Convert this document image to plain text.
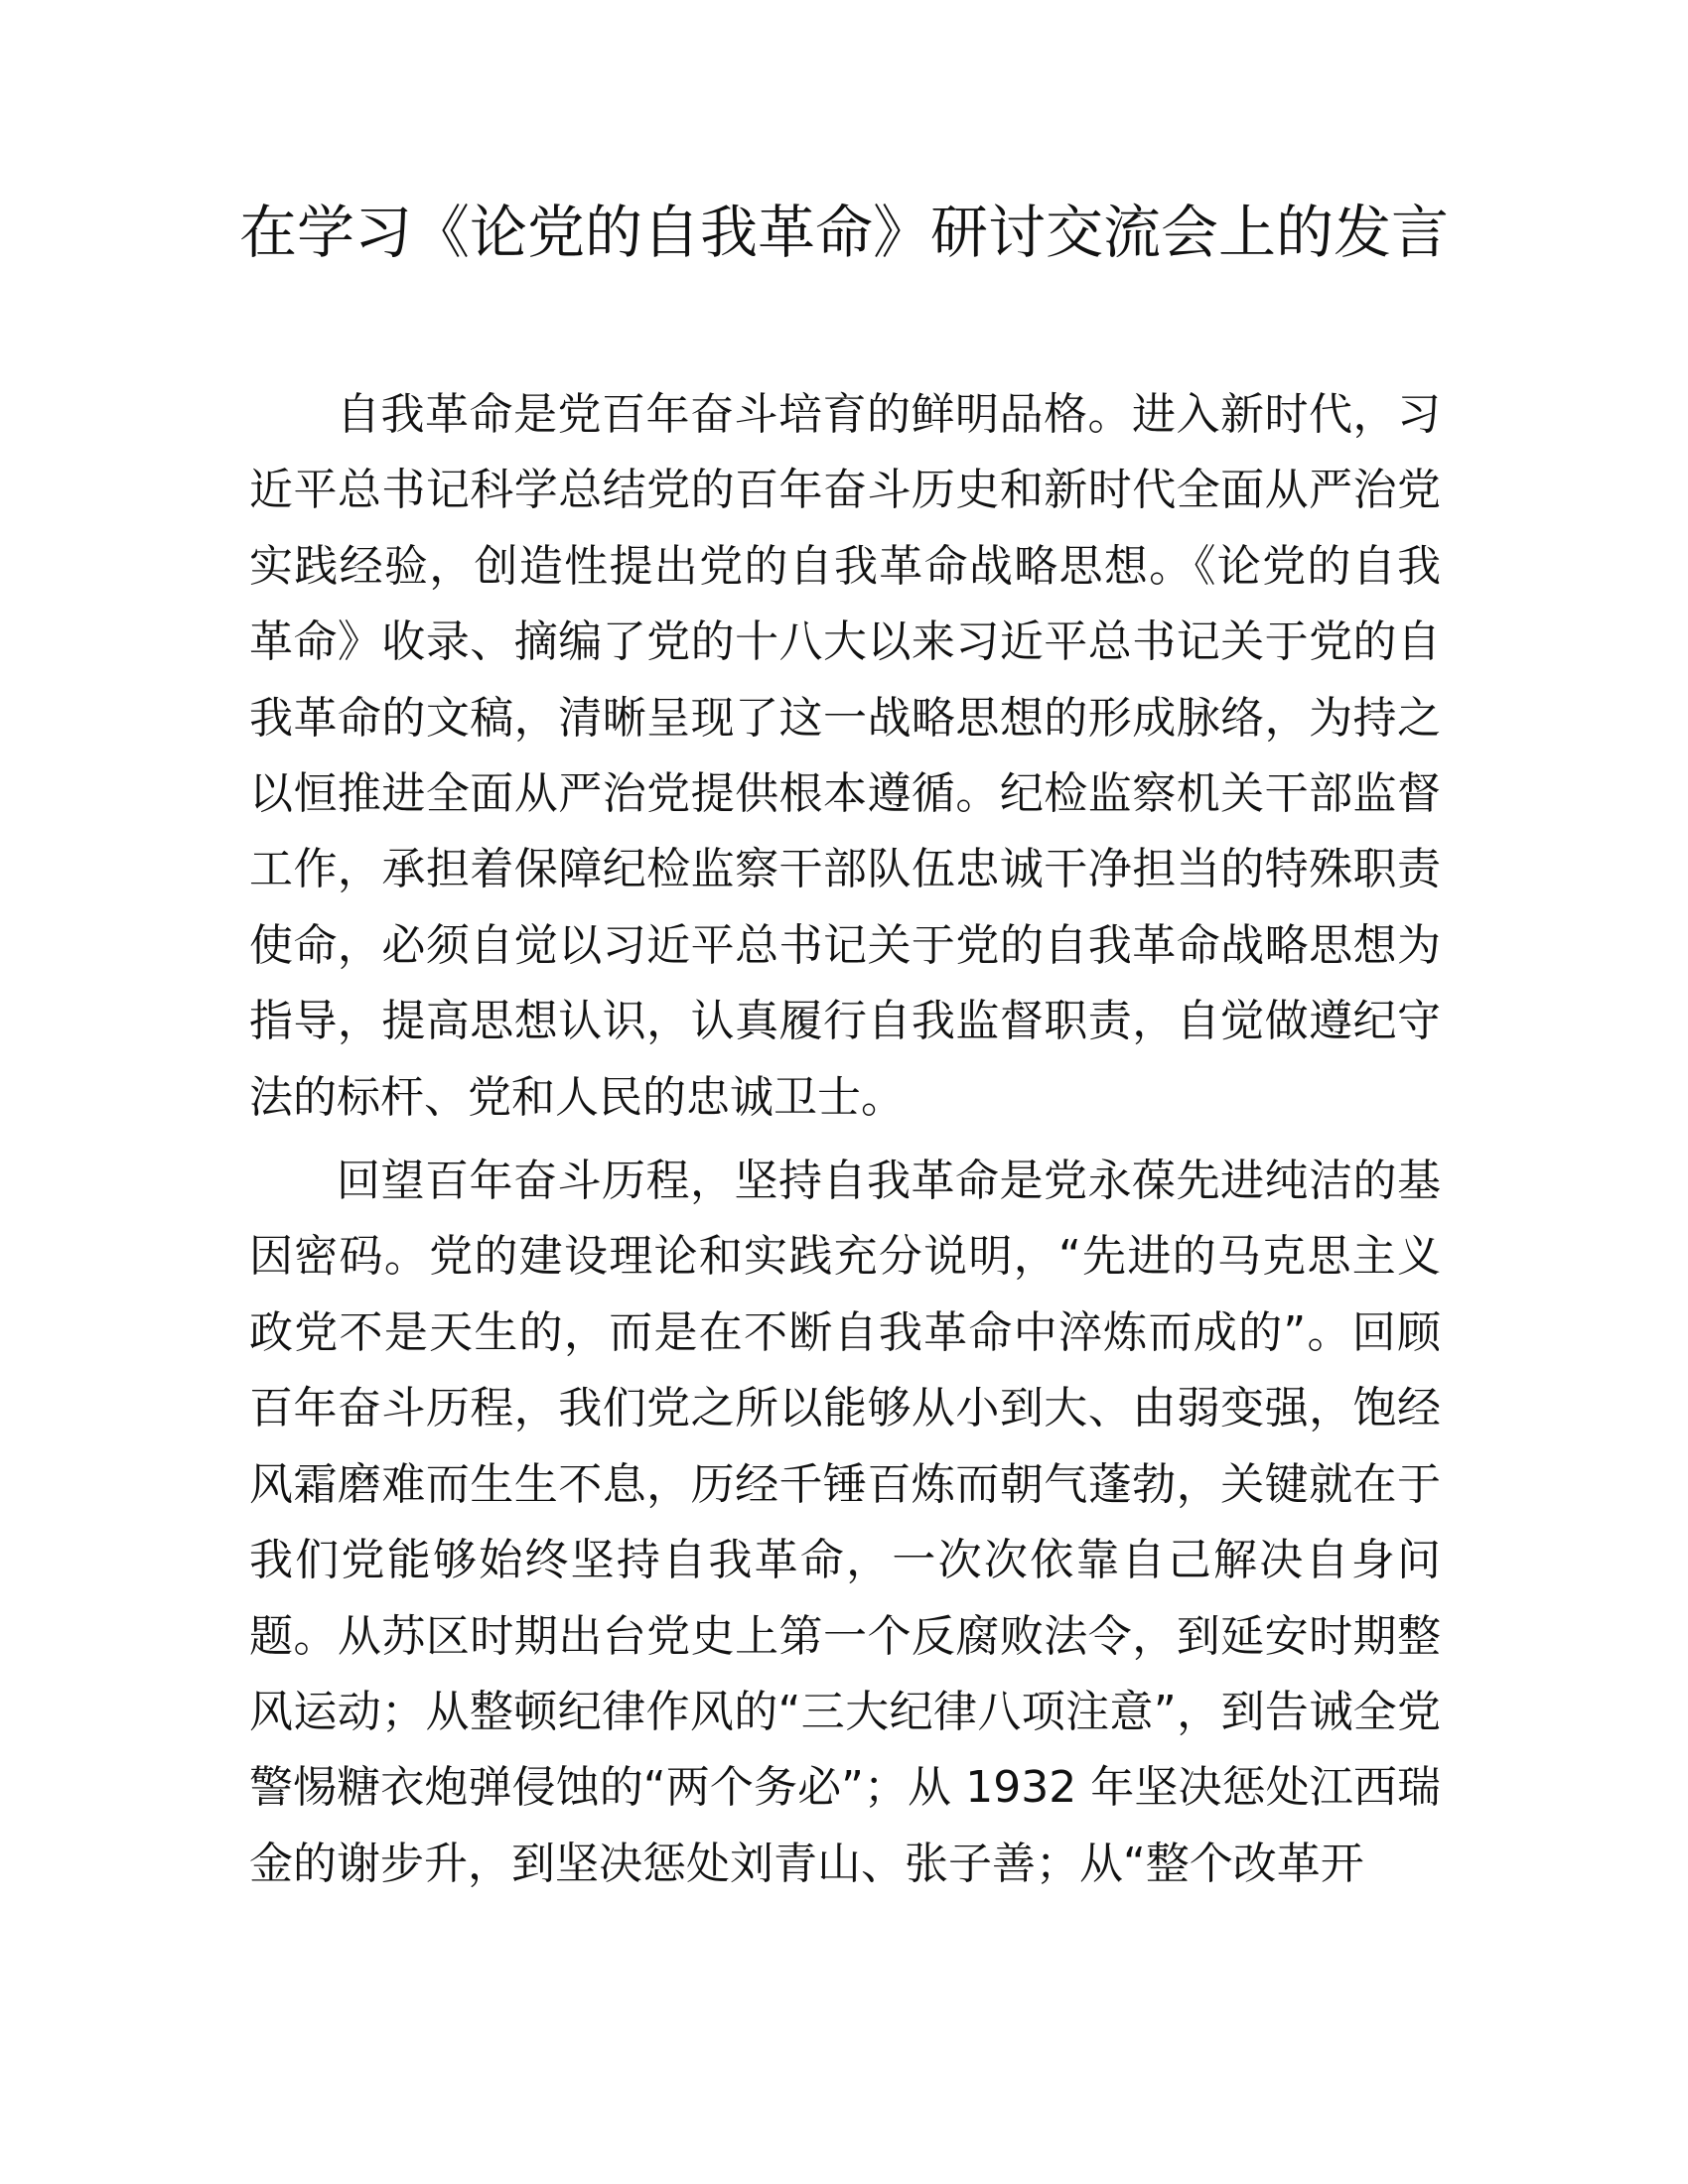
在学习《论党的自我革命》研讨交流会上的发言

自我革命是党百年奋斗培育的鲜明品格。进入新时代，习近平总书记科学总结党的百年奋斗历史和新时代全面从严治党实践经验，创造性提出党的自我革命战略思想。《论党的自我革命》收录、摘编了党的十八大以来习近平总书记关于党的自我革命的文稿，清晰呈现了这一战略思想的形成脉络，为持之以恒推进全面从严治党提供根本遵循。纪检监察机关干部监督工作，承担着保障纪检监察干部队伍忠诚干净担当的特殊职责使命，必须自觉以习近平总书记关于党的自我革命战略思想为指导，提高思想认识，认真履行自我监督职责，自觉做遵纪守法的标杆、党和人民的忠诚卫士。

回望百年奋斗历程，坚持自我革命是党永葆先进纯洁的基因密码。党的建设理论和实践充分说明，“先进的马克思主义政党不是天生的，而是在不断自我革命中淬炼而成的”。回顾百年奋斗历程，我们党之所以能够从小到大、由弱变强，饱经风霜磨难而生生不息，历经千锤百炼而朝气蓬勃，关键就在于我们党能够始终坚持自我革命，一次次依靠自己解决自身问题。从苏区时期出台党史上第一个反腐败法令，到延安时期整风运动；从整顿纪律作风的“三大纪律八项注意”，到告诫全党警惕糖衣炮弹侵蚀的“两个务必”；从 1932 年坚决惩处江西瑞金的谢步升，到坚决惩处刘青山、张子善；从“整个改革开
